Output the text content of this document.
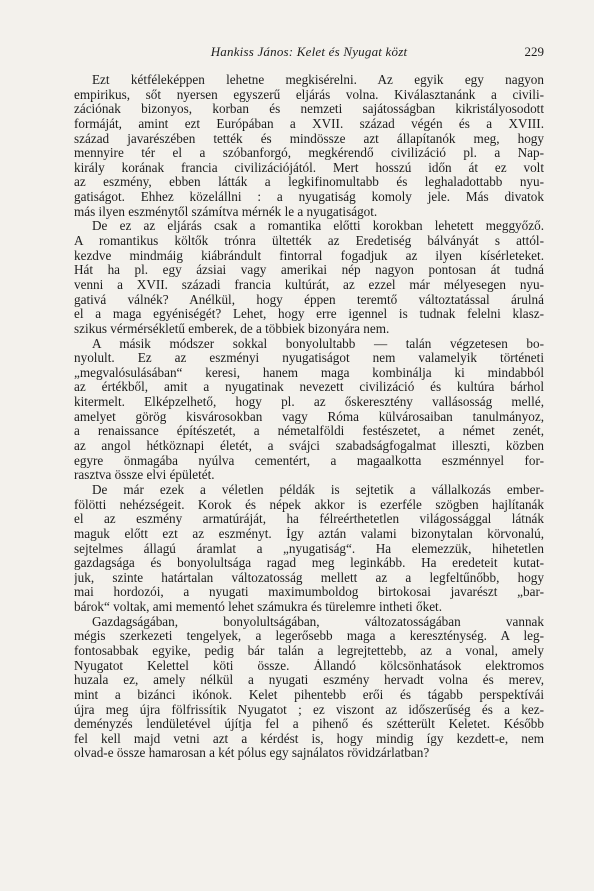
Hankiss János: Kelet és Nyugat közt	229
Ezt kétféleképpen lehetne megkisérelni. Az egyik egy nagyon
empirikus, sőt nyersen egyszerű eljárás volna. Kiválasztanánk a civili-
zációnak bizonyos, korban és nemzeti sajátosságban kikristályosodott
formáját, amint ezt Európában a XVII. század végén és a XVIII.
század javarészében tették és mindössze azt állapítanók meg, hogy
mennyire tér el a szóbanforgó, megkérendő civilizáció pl. a Nap-
király korának francia civilizációjától. Mert hosszú időn át ez volt
az eszmény, ebben látták a legkifinomultabb és leghaladottabb nyu-
gatiságot. Ehhez közelállni : a nyugatiság komoly jele. Más divatok
más ilyen eszménytől számítva mérnék le a nyugatiságot.
De ez az eljárás csak a romantika előtti korokban lehetett meggyőző.
A romantikus költők trónra ültették az Eredetiség bálványát s attól-
kezdve mindmáig kiábrándult fintorral fogadjuk az ilyen kísérleteket.
Hát ha pl. egy ázsiai vagy amerikai nép nagyon pontosan át tudná
venni a XVII. századi francia kultúrát, az ezzel már mélyesegen nyu-
gativá válnék? Anélkül, hogy éppen teremtő változtatással árulná
el a maga egyéniségét? Lehet, hogy erre igennel is tudnak felelni klasz-
szikus vérmérsékletű emberek, de a többiek bizonyára nem.
A másik módszer sokkal bonyolultabb — talán végzetesen bo-
nyolult. Ez az eszményi nyugatiságot nem valamelyik történeti
„megvalósulásában“ keresi, hanem maga kombinálja ki mindabból
az értékből, amit a nyugatinak nevezett civilizáció és kultúra bárhol
kitermelt. Elképzelhető, hogy pl. az őskeresztény vallásosság mellé,
amelyet görög kisvárosokban vagy Róma külvárosaiban tanulmányoz,
a renaissance építészetét, a németalföldi festészetet, a német zenét,
az angol hétköznapi életét, a svájci szabadságfogalmat illeszti, közben
egyre önmagába nyúlva cementért, a magaalkotta eszménnyel for-
rasztva össze elvi épületét.
De már ezek a véletlen példák is sejtetik a vállalkozás ember-
fölötti nehézségeit. Korok és népek akkor is ezerféle szögben hajlítanák
el az eszmény armatúráját, ha félreérthetetlen világossággal látnák
maguk előtt ezt az eszményt. Így aztán valami bizonytalan körvonalú,
sejtelmes állagú áramlat a „nyugatiság“. Ha elemezzük, hihetetlen
gazdagsága és bonyolultsága ragad meg leginkább. Ha eredeteit kutat-
juk, szinte határtalan változatosság mellett az a legfeltűnőbb, hogy
mai hordozói, a nyugati maximumboldog birtokosai javarészt „bar-
bárok“ voltak, ami mementó lehet számukra és türelemre intheti őket.
Gazdagságában, bonyolultságában, változatosságában vannak
mégis szerkezeti tengelyek, a legerősebb maga a kereszténység. A leg-
fontosabbak egyike, pedig bár talán a legrejtettebb, az a vonal, amely
Nyugatot Kelettel köti össze. Állandó kölcsönhatások elektromos
huzala ez, amely nélkül a nyugati eszmény hervadt volna és merev,
mint a bizánci ikónok. Kelet pihentebb erői és tágabb perspektívái
újra meg újra fölfrissítik Nyugatot ; ez viszont az időszerűség és a kez-
deményzés lendületével újítja fel a pihenő és szétterült Keletet. Később
fel kell majd vetni azt a kérdést is, hogy mindig így kezdett-e, nem
olvad-e össze hamarosan a két pólus egy sajnálatos rövidzárlatban?
